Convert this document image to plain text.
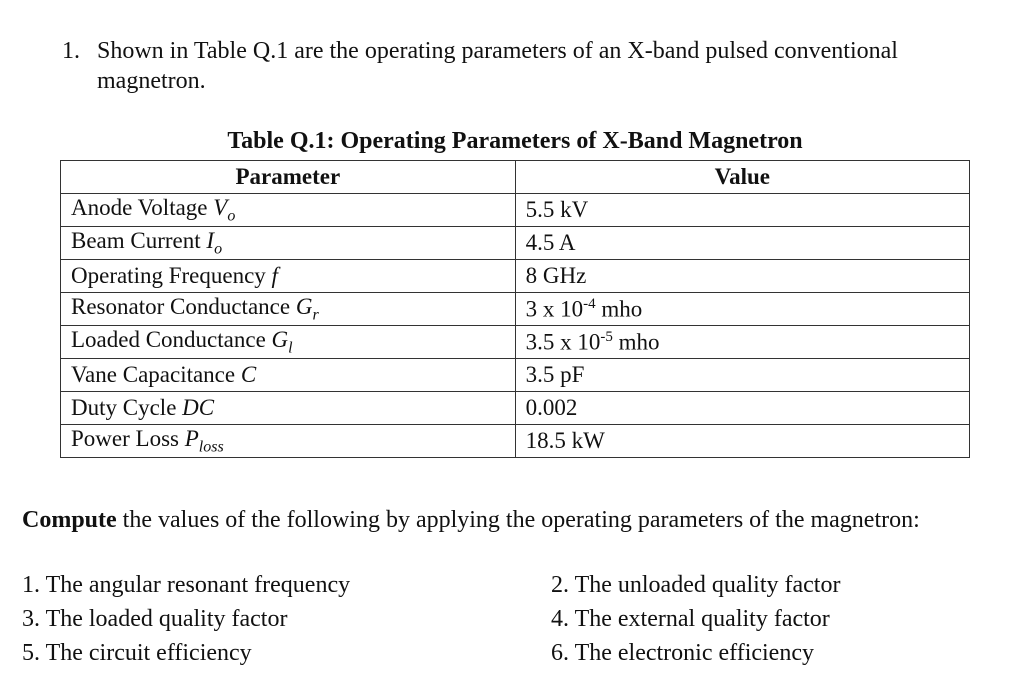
1. Shown in Table Q.1 are the operating parameters of an X-band pulsed conventional
magnetron.
Table Q.1: Operating Parameters of X-Band Magnetron
Parameter	Value
Anode Voltage $V_o$	5.5 kV
Beam Current $I_o$	4.5 A
Operating Frequency f	8 GHz
Resonator Conductance $G_r$	3 x $10^{-4}$ mho
Loaded Conductance $G_l$	3.5 x $10^{-5}$ mho
Vane Capacitance C	3.5 pF
Duty Cycle DC	0.002
Power Loss $P_{loss}$	18.5 kW
Compute the values of the following by applying the operating parameters of the magnetron:
1. The angular resonant frequency
3. The loaded quality factor
5. The circuit efficiency
2. The unloaded quality factor
4. The external quality factor
6. The electronic efficiency
